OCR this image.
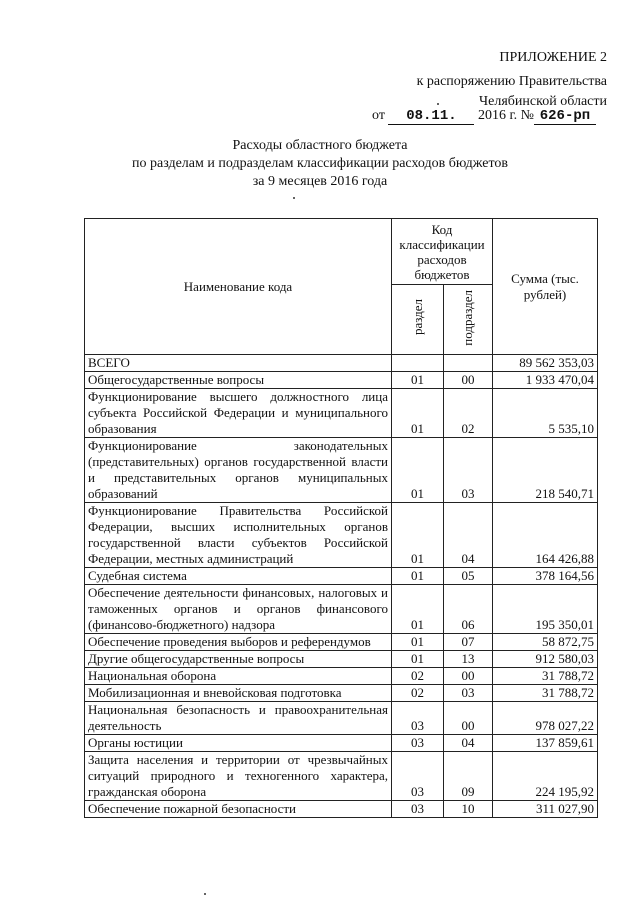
ПРИЛОЖЕНИЕ 2
к распоряжению Правительства
Челябинской области
от 08.11. 2016 г. № 626-рп
Расходы областного бюджета
по разделам и подразделам классификации расходов бюджетов
за 9 месяцев 2016 года
Наименование кода	Код классификации расходов бюджетов		Сумма (тыс. рублей)
	раздел	подраздел	
ВСЕГО			89 562 353,03
Общегосударственные вопросы	01	00	1 933 470,04
Функционирование высшего должностного лица субъекта Российской Федерации и муниципального образования	01	02	5 535,10
Функционирование законодательных (представительных) органов государственной власти и представительных органов муниципальных образований	01	03	218 540,71
Функционирование Правительства Российской Федерации, высших исполнительных органов государственной власти субъектов Российской Федерации, местных администраций	01	04	164 426,88
Судебная система	01	05	378 164,56
Обеспечение деятельности финансовых, налоговых и таможенных органов и органов финансового (финансово-бюджетного) надзора	01	06	195 350,01
Обеспечение проведения выборов и референдумов	01	07	58 872,75
Другие общегосударственные вопросы	01	13	912 580,03
Национальная оборона	02	00	31 788,72
Мобилизационная и вневойсковая подготовка	02	03	31 788,72
Национальная безопасность и правоохранительная деятельность	03	00	978 027,22
Органы юстиции	03	04	137 859,61
Защита населения и территории от чрезвычайных ситуаций природного и техногенного характера, гражданская оборона	03	09	224 195,92
Обеспечение пожарной безопасности	03	10	311 027,90
